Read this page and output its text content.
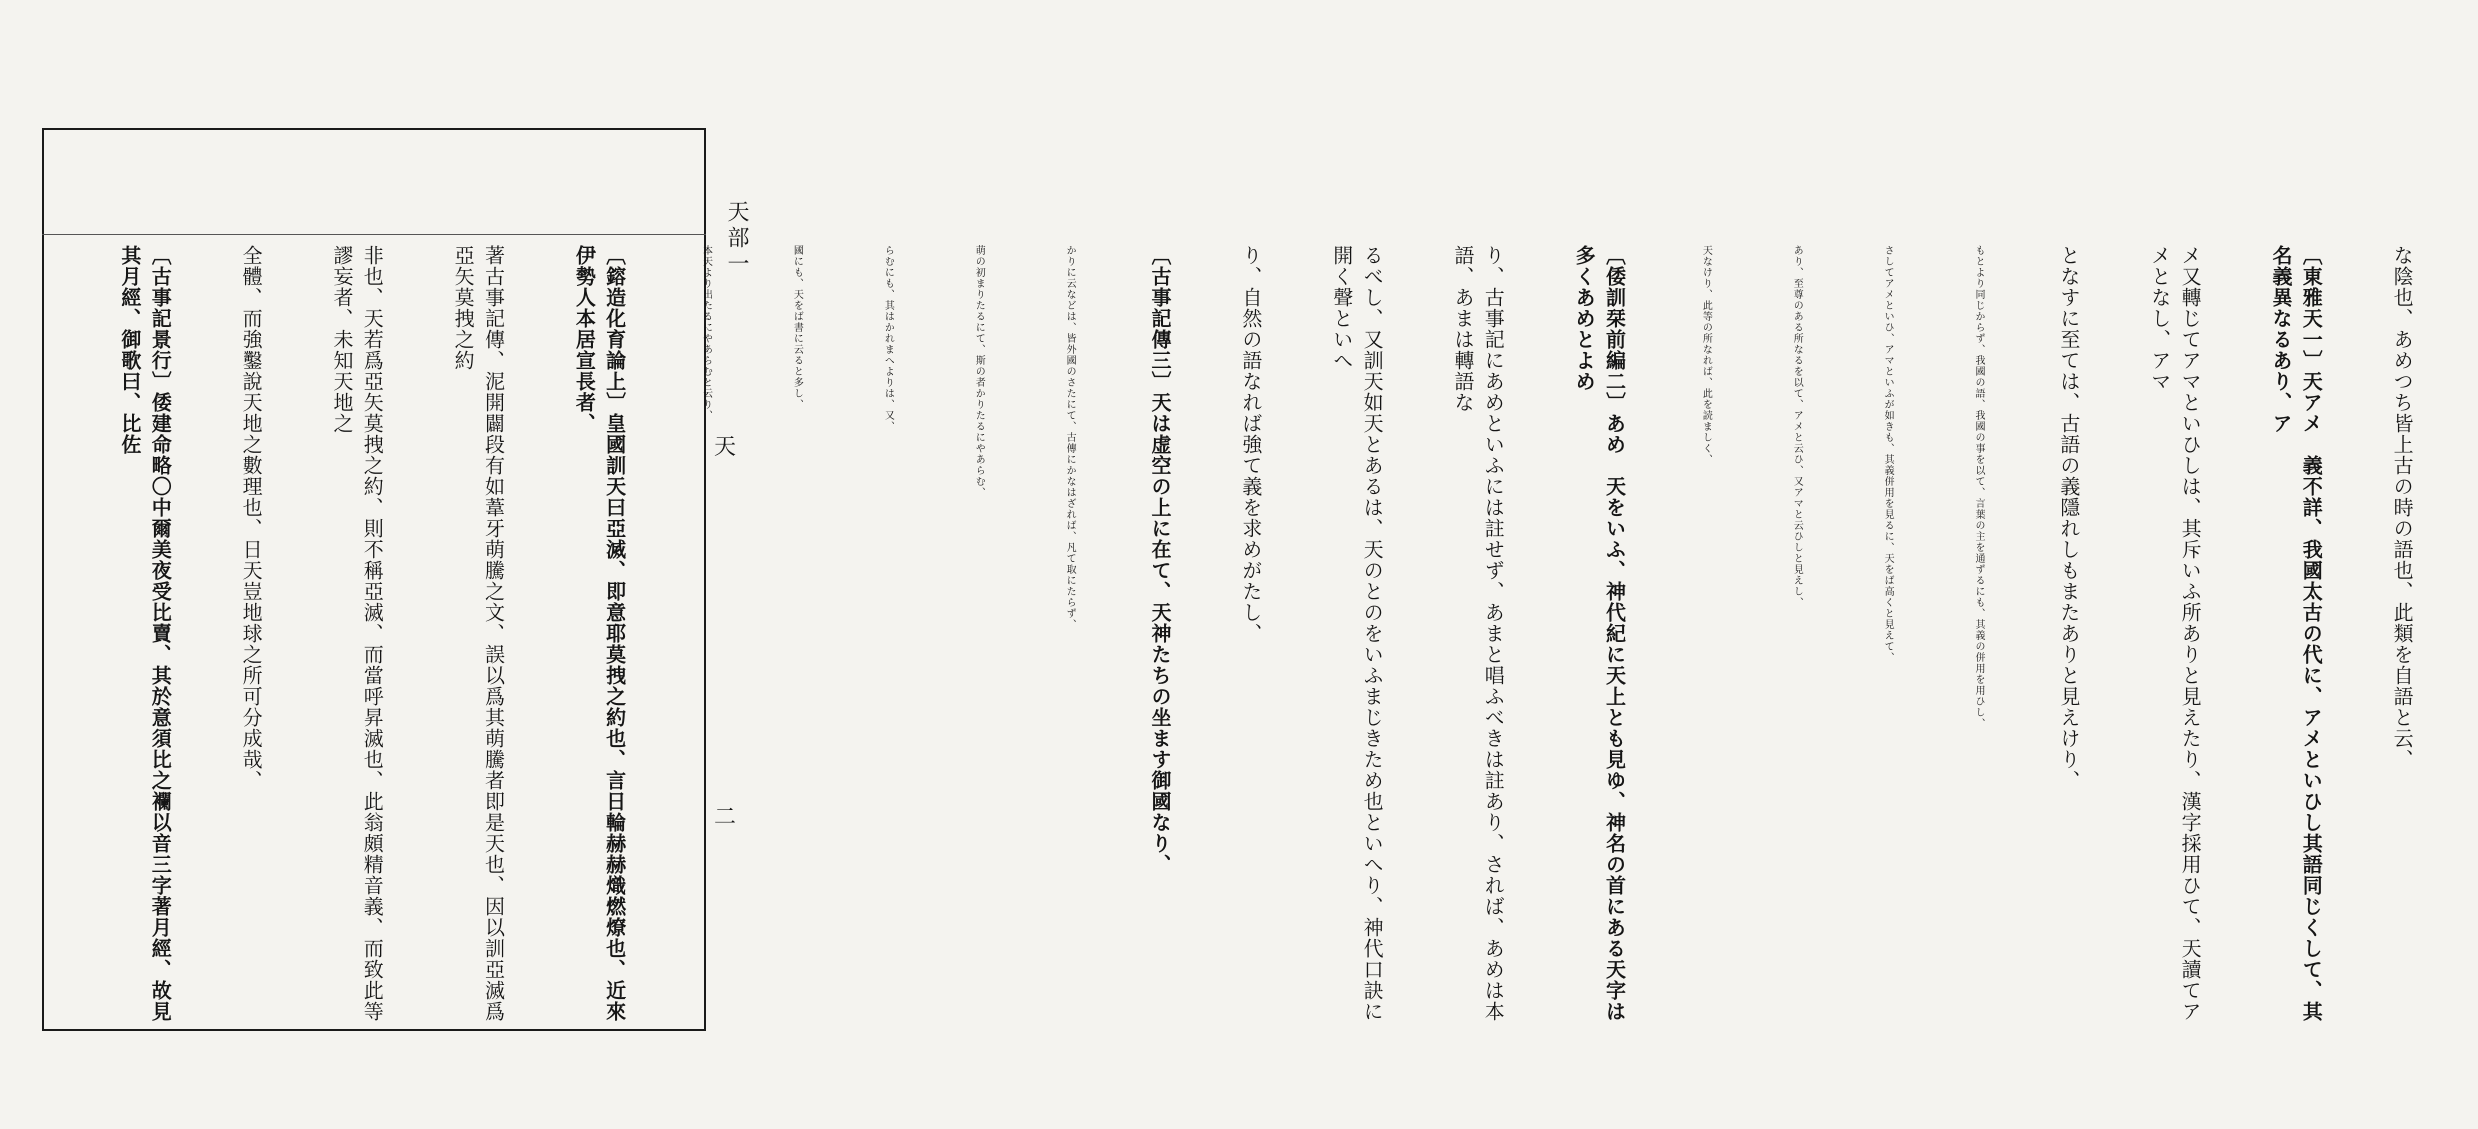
天部一
天
二

な陰也、あめつち皆上古の時の語也、此類を自語と云、

〔東雅天一〕天アメ　義不詳、我國太古の代に、アメといひし其語同じくして、其名義異なるあり、ア

メ又轉じてアマといひしは、其斥いふ所ありと見えたり、漢字採用ひて、天讀てアメとなし、アマ

となすに至ては、古語の義隱れしもまたありと見えけり、

もとより同じからず、我國の語、我國の事を以て、言葉の主を通ずるにも、其義の併用を用ひし、

さしてアメといひ、アマといふが如きも、其義併用を見るに、天をば高くと見えて、

あり、至尊のある所なるを以て、アメと云ひ、又アマと云ひしと見えし、

天なけり、此等の所なれば、此を読ましく、

〔倭訓栞前編二〕あめ　天をいふ、神代紀に天上とも見ゆ、神名の首にある天字は多くあめとよめ

り、古事記にあめといふには註せず、あまと唱ふべきは註あり、されば、あめは本語、あまは轉語な

るべし、又訓天如天とあるは、天のとのをいふまじきため也といへり、神代口訣に開く聲といへ

り、自然の語なれば強て義を求めがたし、

〔古事記傳三〕天は虚空の上に在て、天神たちの坐ます御國なり、

かりに云などは、皆外國のさたにて、古傳にかなはざれば、凡て取にたらず、

萌の初まりたるにて、斯の者かりたるにやあらむ、

らむにも、其はかれまへよりは、又、

國にも、天をば書に云ると多し、

本天より出たるにやあらむと云り、

〔鎔造化育論上〕皇國訓天曰亞滅、即意耶莫拽之約也、言日輪赫赫熾燃燎也、近來伊勢人本居宣長者、

著古事記傳、泥開闢段有如葦牙萌騰之文、誤以爲其萌騰者即是天也、因以訓亞滅爲亞矢莫拽之約

非也、天若爲亞矢莫拽之約、則不稱亞滅、而當呼昇滅也、此翁頗精音義、而致此等謬妄者、未知天地之

全體、而強鑿說天地之數理也、日天豈地球之所可分成哉、

〔古事記景行〕倭建命略〇中爾美夜受比賣、其於意須比之襴以音三字著月經、故見其月經、御歌曰、比佐
